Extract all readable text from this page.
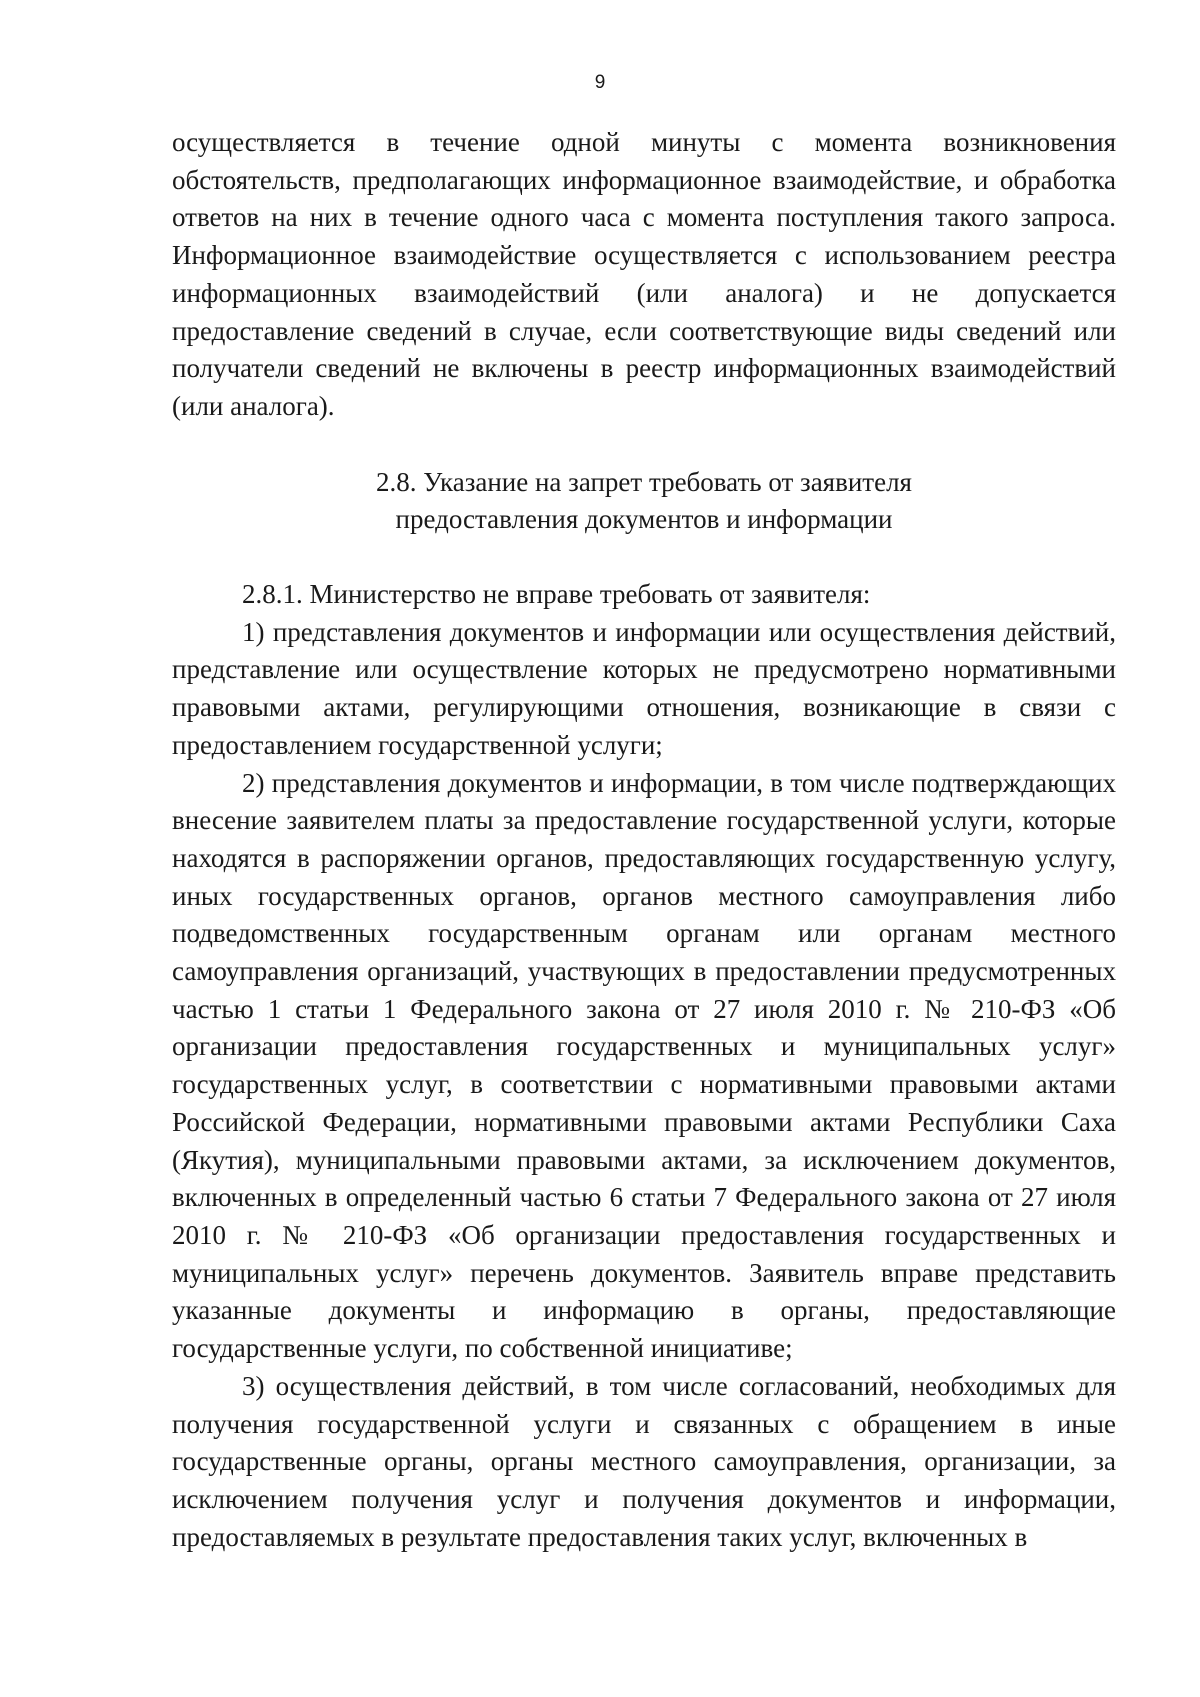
9

осуществляется в течение одной минуты с момента возникновения обстоятельств, предполагающих информационное взаимодействие, и обработка ответов на них в течение одного часа с момента поступления такого запроса. Информационное взаимодействие осуществляется с использованием реестра информационных взаимодействий (или аналога) и не допускается предоставление сведений в случае, если соответствующие виды сведений или получатели сведений не включены в реестр информационных взаимодействий (или аналога).

2.8. Указание на запрет требовать от заявителя
предоставления документов и информации

2.8.1. Министерство не вправе требовать от заявителя:

1) представления документов и информации или осуществления действий, представление или осуществление которых не предусмотрено нормативными правовыми актами, регулирующими отношения, возникающие в связи с предоставлением государственной услуги;

2) представления документов и информации, в том числе подтверждающих внесение заявителем платы за предоставление государственной услуги, которые находятся в распоряжении органов, предоставляющих государственную услугу, иных государственных органов, органов местного самоуправления либо подведомственных государственным органам или органам местного самоуправления организаций, участвующих в предоставлении предусмотренных частью 1 статьи 1 Федерального закона от 27 июля 2010 г. № 210-ФЗ «Об организации предоставления государственных и муниципальных услуг» государственных услуг, в соответствии с нормативными правовыми актами Российской Федерации, нормативными правовыми актами Республики Саха (Якутия), муниципальными правовыми актами, за исключением документов, включенных в определенный частью 6 статьи 7 Федерального закона от 27 июля 2010 г. № 210-ФЗ «Об организации предоставления государственных и муниципальных услуг» перечень документов. Заявитель вправе представить указанные документы и информацию в органы, предоставляющие государственные услуги, по собственной инициативе;

3) осуществления действий, в том числе согласований, необходимых для получения государственной услуги и связанных с обращением в иные государственные органы, органы местного самоуправления, организации, за исключением получения услуг и получения документов и информации, предоставляемых в результате предоставления таких услуг, включенных в
